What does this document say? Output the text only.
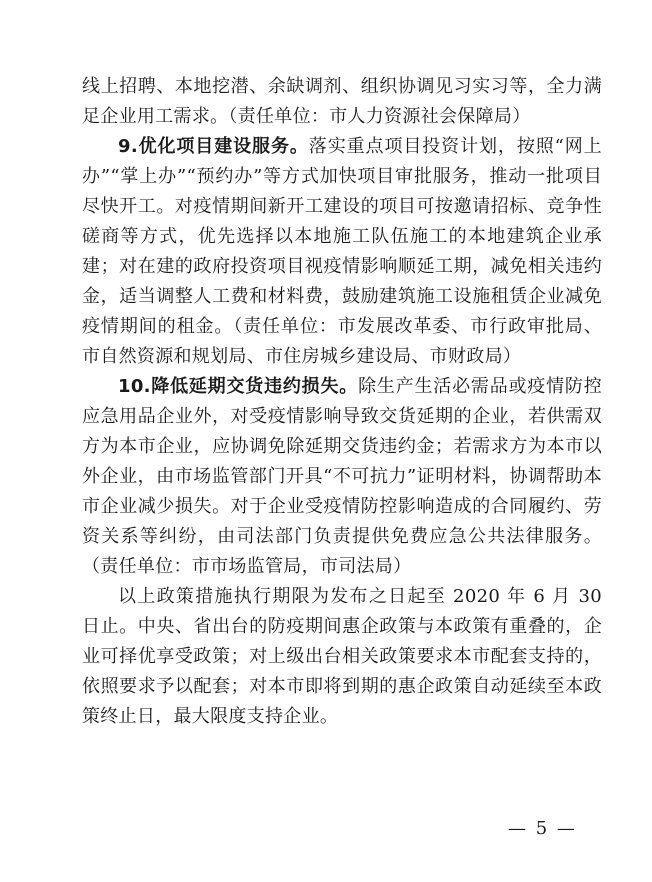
线上招聘、本地挖潜、余缺调剂、组织协调见习实习等，全力满足企业用工需求。（责任单位：市人力资源社会保障局）

9.优化项目建设服务。落实重点项目投资计划，按照“网上办”“掌上办”“预约办”等方式加快项目审批服务，推动一批项目尽快开工。对疫情期间新开工建设的项目可按邀请招标、竞争性磋商等方式，优先选择以本地施工队伍施工的本地建筑企业承建；对在建的政府投资项目视疫情影响顺延工期，减免相关违约金，适当调整人工费和材料费，鼓励建筑施工设施租赁企业减免疫情期间的租金。（责任单位：市发展改革委、市行政审批局、市自然资源和规划局、市住房城乡建设局、市财政局）

10.降低延期交货违约损失。除生产生活必需品或疫情防控应急用品企业外，对受疫情影响导致交货延期的企业，若供需双方为本市企业，应协调免除延期交货违约金；若需求方为本市以外企业，由市场监管部门开具“不可抗力”证明材料，协调帮助本市企业减少损失。对于企业受疫情防控影响造成的合同履约、劳资关系等纠纷，由司法部门负责提供免费应急公共法律服务。（责任单位：市市场监管局，市司法局）

以上政策措施执行期限为发布之日起至 2020 年 6 月 30 日止。中央、省出台的防疫期间惠企政策与本政策有重叠的，企业可择优享受政策；对上级出台相关政策要求本市配套支持的，依照要求予以配套；对本市即将到期的惠企政策自动延续至本政策终止日，最大限度支持企业。

— 5 —
